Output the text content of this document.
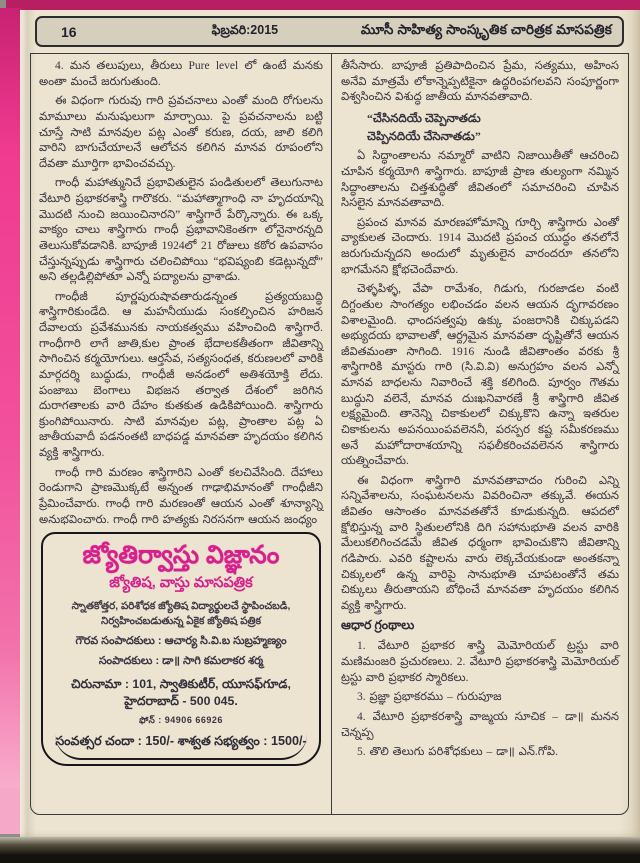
16	ఫిబ్రవరి:2015	మూసీ సాహిత్య సాంస్కృతిక చారిత్రక మాసపత్రిక

4. మన తలుపులు, తీరులు Pure level లో ఉంటే మనకు అంతా మంచే జరుగుతుంది.

ఈ విధంగా గురువు గారి ప్రవచనాలు ఎంతో మంది రోగులను మామూలు మనుషులుగా మార్చాయి. పై ప్రవచనాలను బట్టి చూస్తే సాటి మానవుల పట్ల ఎంతో కరుణ, దయ, జాలి కలిగి వారిని బాగుచేయాలనే ఆలోచన కలిగిన మానవ రూపంలోని దేవతా మూర్తిగా భావించవచ్చు.

గాంధీ మహాత్మునిచే ప్రభావితులైన పండితులలో తెలుగునాట వేటూరి ప్రభాకరశాస్త్రి గారొకరు. “మహాత్మాగాంధి నా హృదయాన్ని మొదటి నుంచి జయించినారని” శాస్త్రిగారే పేర్కొన్నారు. ఈ ఒక్క వాక్యం చాలు శాస్త్రిగారు గాంధీ ప్రభావానికెంతగా లోనైనారన్నది తెలుసుకోవడానికి. బాపూజీ 1924లో 21 రోజులు కఠోర ఉపవాసం చేస్తున్నప్పుడు శాస్త్రిగారు చలించిపోయి “భవిష్యంబి కడెట్లున్నదో” అని తల్లడిల్లిపోతూ ఎన్నో పద్యాలను వ్రాశాడు.

గాంధీజీ పూర్ణపురుషావతారుడన్నంత ప్రత్యయబుద్ధి శాస్త్రిగారికుండేది. ఆ మహనీయుడు సంకల్పించిన హరిజన దేవాలయ ప్రవేశమునకు నాయకత్వము వహించింది శాస్త్రిగారే. గాంధీగారి లాగే జాతి,కుల ప్రాంత భేదాలకతీతంగా జీవితాన్ని సాగించిన కర్మయోగులు. ఆర్తసేవ, సత్యసంధత, కరుణలలో వారికి మార్గదర్శి బుద్ధుడు, గాంధీజీ అనడంలో అతిశయోక్తి లేదు. పంజాబు బెంగాలు విభజన తర్వాత దేశంలో జరిగిన దురాగతాలకు వారి దేహం కుతకుత ఉడికిపోయింది. శాస్త్రిగారు క్రుంగిపోయినారు. సాటి మానవుల పట్ల, ప్రాంతాల పట్ల ఏ జాతీయవాదీ పడనంతటి బాధపడ్డ మానవతా హృదయం కలిగిన వ్యక్తి శాస్త్రిగారు.

గాంధీ గారి మరణం శాస్త్రిగారిని ఎంతో కలచివేసింది. దేహాలు రెండుగాని ప్రాణమొక్కటే అన్నంత గాఢాభిమానంతో గాంధీజీని ప్రేమించేవారు. గాంధీ గారి మరణంతో ఆయన ఎంతో శూన్యాన్ని అనుభవించారు. గాంధీ గారి హత్యకు నిరసనగా ఆయన జంధ్యం

జ్యోతిర్వాస్తు విజ్ఞానం
జ్యోతిష, వాస్తు మాసపత్రిక
స్నాతకోత్తర, పరిశోధక జ్యోతిష విద్యార్థులచే స్థాపించబడి,
నిర్వహించబడుతున్న ఏకైక జ్యోతిష పత్రిక
గౌరవ సంపాదకులు : ఆచార్య సి.వి.బ సుబ్రహ్మణ్యం
సంపాదకులు : డా॥ సాగి కమలాకర శర్మ
చిరునామా : 101, స్వాతికుటీర్, యూసఫ్‌గూడ,
హైదరాబాద్ - 500 045.
ఫోన్ : 94906 66926
సంవత్సర చందా : 150/- శాశ్వత సభ్యత్వం : 1500/-

తీసేసారు. బాపూజీ ప్రతిపాదించిన ప్రేమ, సత్యము, అహింస అనేవి మాత్రమే లోకాన్నెప్పటికైనా ఉద్ధరింపగలవని సంపూర్ణంగా విశ్వసించిన విశుద్ధ జాతీయ మానవతావాది.

“చేసినదియే చెప్పెనాతడు
చెప్పినదియే చేసెనాతడు”

ఏ సిద్ధాంతాలను నమ్మారో వాటిని నిజాయితీతో ఆచరించి చూపిన కర్మయోగి శాస్త్రిగారు. బాపూజీ ప్రాణ తుల్యంగా నమ్మిన సిద్ధాంతాలను చిత్తశుద్ధితో జీవితంలో సమాచరించి చూపిన సిసలైన మానవతావాది.

ప్రపంచ మానవ మారణహోమాన్ని గూర్చి శాస్త్రిగారు ఎంతో వ్యాకులత చెందారు. 1914 మొదటి ప్రపంచ యుద్ధం తనలోనే జరుగుచున్నదని అందులో మృతులైన వారందరూ తనలోని భాగమేనని క్షోభచెందేవారు.

చెళ్ళపిళ్ళ, వేపా రామేశం, గిడుగు, గురజాడల వంటి దిగ్దంతుల సాంగత్యం లభించడం వలన ఆయన దృగావరణం విశాలమైంది. ఛాందసత్వపు ఉక్కు పంజరానికి చిక్కుపడని అభ్యుదయ భావాలతో, ఆర్ద్రమైన మానవతా దృష్టితోనే ఆయన జీవితమంతా సాగింది. 1916 నుండి జీవితాంతం వరకు శ్రీ శాస్త్రిగారికి మాస్టరు గారి (సి.వి.వి) అనుగ్రహం వలన ఎన్నో మానవ బాధలను నివారించే శక్తి కలిగింది. పూర్వం గౌతమ బుద్ధుని వలెనే, మానవ దుఃఖనివారణే శ్రీ శాస్త్రిగారి జీవిత లక్ష్యమైంది. తానెన్ని చికాకులలో చిక్కుకొని ఉన్నా ఇతరుల చికాకులను అపనయింపవలెననీ, పరస్పర కష్ట సమీకరణము అనే మహోదారాశయాన్ని సఫలీకరించవలెనన శాస్త్రిగారు యత్నించేవారు.

ఈ విధంగా శాస్త్రిగారి మానవతావాదం గురించి ఎన్ని సన్నివేశాలను, సంఘటనలను వివరించినా తక్కువే. ఈయన జీవితం ఆసాంతం మానవతతోనే కూడుకున్నది. ఆపదలో క్షోభిస్తున్న వారి స్థితులలోనికి దిగి సహానుభూతి వలన వారికి మేలుకలిగించడమే జీవిత ధర్మంగా భావించుకొని జీవితాన్ని గడిపారు. ఎవరి కష్టాలను వారు లెక్కచేయకుండా అంతకన్నా చిక్కులలో ఉన్న వారిపై సానుభూతి చూపటంతోనే తమ చిక్కులు తీరుతాయని బోధించే మానవతా హృదయం కలిగిన వ్యక్తి శాస్త్రిగారు.

ఆధార గ్రంథాలు

1. వేటూరి ప్రభాకర శాస్త్రి మెమోరియల్ ట్రస్టు వారి మణిమంజరి ప్రచురణలు. 2. వేటూరి ప్రభాకరశాస్త్రి మెమోరియల్ ట్రస్టు వారి ప్రభాకర స్మారికలు.

3. ప్రజ్ఞా ప్రభాకరము – గురుపూజ

4. వేటూరి ప్రభాకరశాస్త్రి వాఙ్మయ సూచిక – డా॥ మనన చెన్నప్ప

5. తొలి తెలుగు పరిశోధకులు – డా॥ ఎన్.గోపి.
